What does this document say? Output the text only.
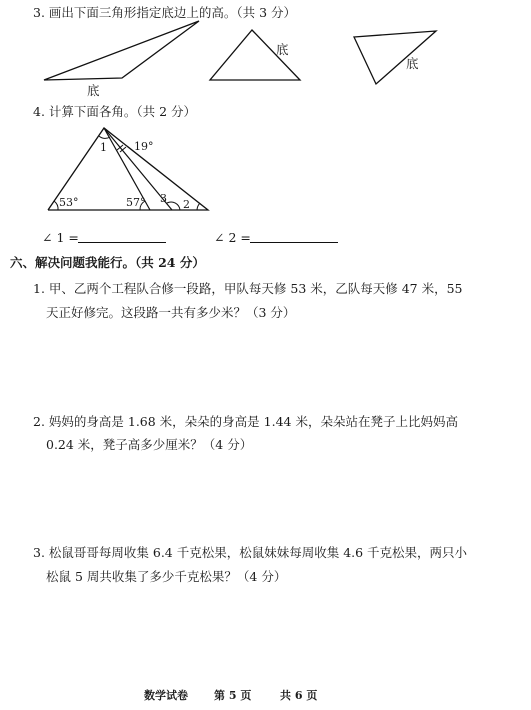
3. 画出下面三角形指定底边上的高。（共 3 分）
底
底
底
4. 计算下面各角。（共 2 分）
1 19°
53°	57° 3 2
∠ 1 =	∠ 2 =
六、解决问题我能行。（共 24 分）
1. 甲、乙两个工程队合修一段路，甲队每天修 53 米，乙队每天修 47 米，55
天正好修完。这段路一共有多少米？（3 分）
2. 妈妈的身高是 1.68 米，朵朵的身高是 1.44 米，朵朵站在凳子上比妈妈高
0.24 米，凳子高多少厘米？（4 分）
3. 松鼠哥哥每周收集 6.4 千克松果，松鼠妹妹每周收集 4.6 千克松果，两只小
松鼠 5 周共收集了多少千克松果？（4 分）
数学试卷 第 5 页	共 6 页
